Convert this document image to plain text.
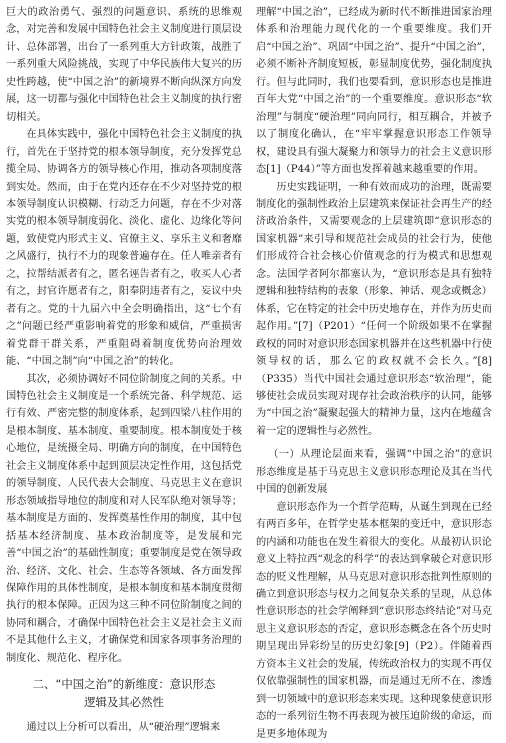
巨大的政治勇气、强烈的问题意识、系统的思维观念，对完善和发展中国特色社会主义制度进行顶层设计、总体部署，出台了一系列重大方针政策，战胜了一系列重大风险挑战，实现了中华民族伟大复兴的历史性跨越，使“中国之治”的新境界不断向纵深方向发展，这一切都与强化中国特色社会主义制度的执行密切相关。

在具体实践中，强化中国特色社会主义制度的执行，首先在于坚持党的根本领导制度，充分发挥党总揽全局、协调各方的领导核心作用，推动各项制度落到实处。然而，由于在党内还存在不少对坚持党的根本领导制度认识模糊、行动乏力问题，存在不少对落实党的根本领导制度弱化、淡化、虚化、边缘化等问题，致使党内形式主义、官僚主义、享乐主义和奢靡之风盛行，执行不力的现象普遍存在。任人唯亲者有之，拉帮结派者有之，匿名诬告者有之，收买人心者有之，封官许愿者有之，阳奉阴违者有之，妄议中央者有之。党的十九届六中全会明确指出，这“七个有之”问题已经严重影响着党的形象和威信，严重损害着党群干群关系，严重阻碍着制度优势向治理效能、“中国之制”向“中国之治”的转化。

其次，必须协调好不同位阶制度之间的关系。中国特色社会主义制度是一个系统完备、科学规范、运行有效、严密完整的制度体系，起到四梁八柱作用的是根本制度、基本制度、重要制度。根本制度处于核心地位，是统摄全局、明确方向的制度，在中国特色社会主义制度体系中起到顶层决定性作用，这包括党的领导制度、人民代表大会制度、马克思主义在意识形态领域指导地位的制度和对人民军队绝对领导等；基本制度是方面的、发挥奠基性作用的制度，其中包括基本经济制度、基本政治制度等，是发展和完善“中国之治”的基础性制度；重要制度是党在领导政治、经济、文化、社会、生态等各领域、各方面发挥保障作用的具体性制度，是根本制度和基本制度贯彻执行的根本保障。正因为这三种不同位阶制度之间的协同和耦合，才确保中国特色社会主义是社会主义而不是其他什么主义，才确保党和国家各项事务治理的制度化、规范化、程序化。

二、“中国之治”的新维度：意识形态
逻辑及其必然性

通过以上分析可以看出，从“硬治理”逻辑来

理解“中国之治”，已经成为新时代不断推进国家治理体系和治理能力现代化的一个重要维度。我们开启“中国之治”、巩固“中国之治”、提升“中国之治”，必须不断补齐制度短板，彰显制度优势，强化制度执行。但与此同时，我们也要看到，意识形态也是推进百年大党“中国之治”的一个重要维度。意识形态“软治理”与制度“硬治理”同向同行，相互耦合，并被予以了制度化确认，在“牢牢掌握意识形态工作领导权，建设具有强大凝聚力和领导力的社会主义意识形态[1]（P44）”等方面也发挥着越来越重要的作用。

历史实践证明，一种有效而成功的治理，既需要制度化的强制性政治上层建筑来保证社会再生产的经济政治条件，又需要观念的上层建筑即“意识形态的国家机器”来引导和规范社会成员的社会行为，使他们形成符合社会核心价值观念的行为模式和思想观念。法国学者阿尔都塞认为，“意识形态是具有独特逻辑和独特结构的表象（形象、神话、观念或概念）体系，它在特定的社会中历史地存在，并作为历史而起作用。”[7]（P201）“任何一个阶级如果不在掌握政权的同时对意识形态国家机器并在这些机器中行使领导权的话，那么它的政权就不会长久。”[8]（P335）当代中国社会通过意识形态“软治理”，能够使社会成员实现对现存社会政治秩序的认同，能够为“中国之治”凝聚起强大的精神力量，这内在地蕴含着一定的逻辑性与必然性。

（一）从理论层面来看，强调“中国之治”的意识形态维度是基于马克思主义意识形态理论及其在当代中国的创新发展

意识形态作为一个哲学范畴，从诞生到现在已经有两百多年，在哲学史基本框架的变迁中，意识形态的内涵和功能也在发生着很大的变化。从最初认识论意义上特拉西“观念的科学”的表达到拿破仑对意识形态的贬义性理解，从马克思对意识形态批判性原则的确立到意识形态与权力之间复杂关系的呈现，从总体性意识形态的社会学阐释到“意识形态终结论”对马克思主义意识形态的否定，意识形态概念在各个历史时期呈现出异彩纷呈的历史幻象[9]（P2）。伴随着西方资本主义社会的发展，传统政治权力的实现不再仅仅依靠强制性的国家机器，而是通过无所不在、渗透到一切领域中的意识形态来实现。这种现象使意识形态的一系列衍生物不再表现为被压迫阶级的命运，而是更多地体现为
